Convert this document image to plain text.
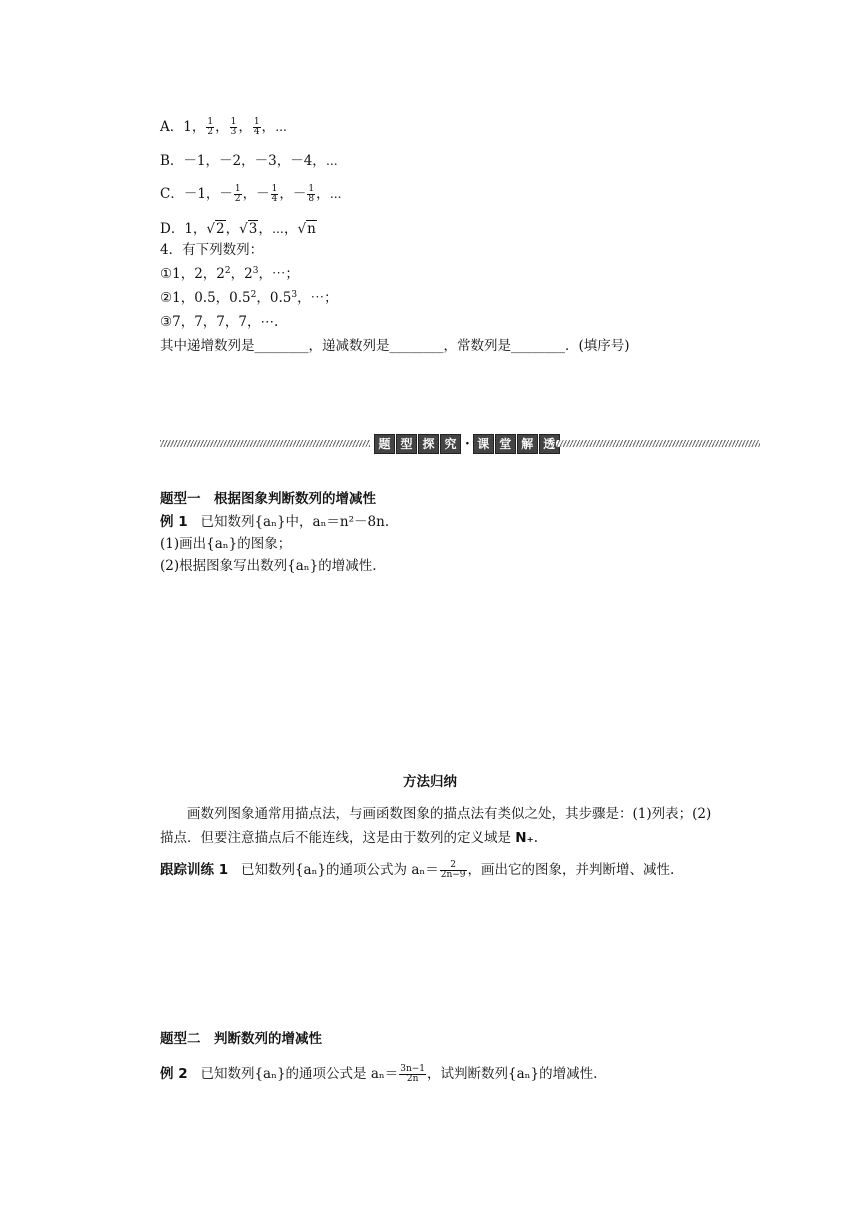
A．1， $\frac{1}{2}$ ， $\frac{1}{3}$ ， $\frac{1}{4}$ ，⋯
B．－1，－2，－3，－4，⋯
C．－1，－ $\frac{1}{2}$ ，－ $\frac{1}{4}$ ，－ $\frac{1}{8}$ ，⋯
D．1，√2，√3，⋯，√n
4．有下列数列：
①1，2，$2^2$，$2^3$，⋯；
②1，0.5，$0.5^2$，$0.5^3$，⋯；
③7，7，7，7，⋯.
其中递增数列是________，递减数列是________，常数列是________．(填序号)
题 型 探 究 · 课 堂 解 透
题型一　根据图象判断数列的增减性
例 1 已知数列{aₙ}中，aₙ＝n²－8n.
(1)画出{aₙ}的图象；
(2)根据图象写出数列{aₙ}的增减性.
方法归纳
画数列图象通常用描点法，与画函数图象的描点法有类似之处，其步骤是：(1)列表；(2)
描点．但要注意描点后不能连线，这是由于数列的定义域是 N₊.
跟踪训练 1 已知数列{aₙ}的通项公式为 $a_n= \frac{2}{2n-9}$ ，画出它的图象，并判断增、减性.
题型二　判断数列的增减性
例 2 已知数列{aₙ}的通项公式是 $a_n= \frac{3n-1}{2n}$ ，试判断数列{aₙ}的增减性.
